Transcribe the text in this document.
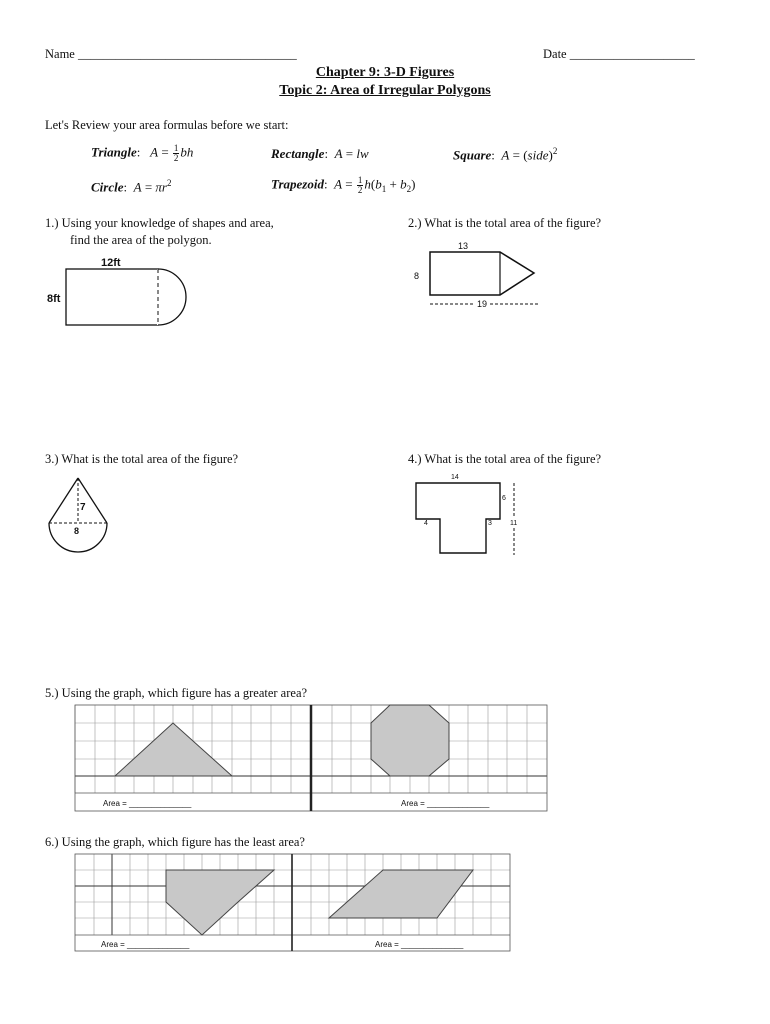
Name ___________________________________	Date ____________________
Chapter 9: 3-D Figures
Topic 2: Area of Irregular Polygons
Let's Review your area formulas before we start:
Triangle:   $A = \frac{1}{2}$ bh	Rectangle:  A = lw	Square:  A = (side)$^2$
Circle:  $A = \pi r^2$	Trapezoid:  $A = \frac{1}{2} h(b_1 + b_2)$
1.) Using your knowledge of shapes and area,
find the area of the polygon.
2.) What is the total area of the figure?
12ft
8ft
13
8
19
3.) What is the total area of the figure?	4.) What is the total area of the figure?
7
8
14
6
11
4	3
5.) Using the graph, which figure has a greater area?
Area = ______________	Area = ______________
6.) Using the graph, which figure has the least area?
Area = ______________	Area = ______________
